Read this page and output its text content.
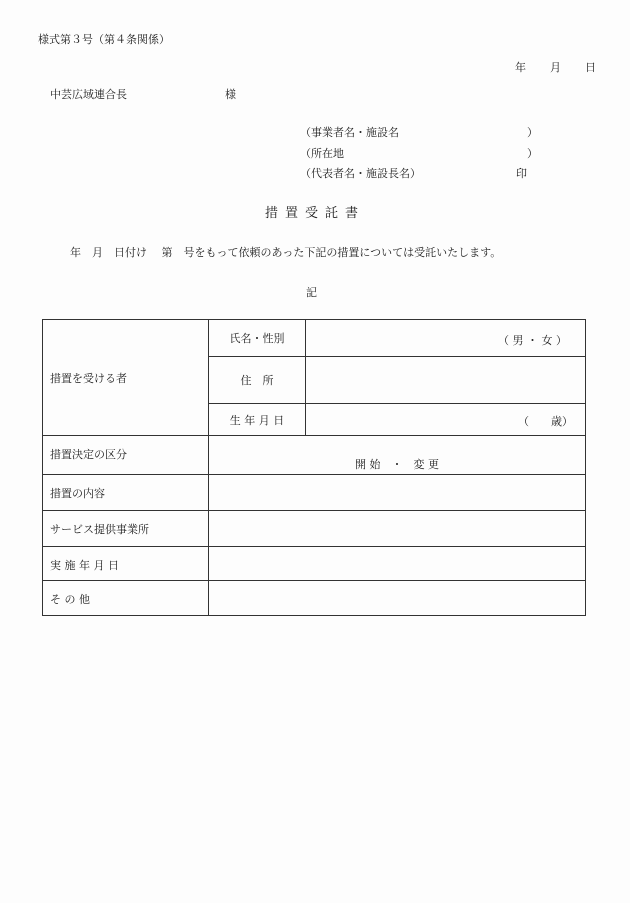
様式第３号（第４条関係）

年 月 日

中芸広域連合長	様
（事業者名・施設名	）
（所在地	）
（代表者名・施設長名）	印
措置受託書
年　月　日付け　 第　号をもって依頼のあった下記の措置については受託いたします。
記
措置を受ける者	氏名・性別	（ 男 ・ 女 ）

	住　所	
	生 年 月 日	（　　歳）

措置決定の区分	開 始　・　変 更	

措置の内容		

サービス提供事業所		

実 施 年 月 日		

そ の 他		
